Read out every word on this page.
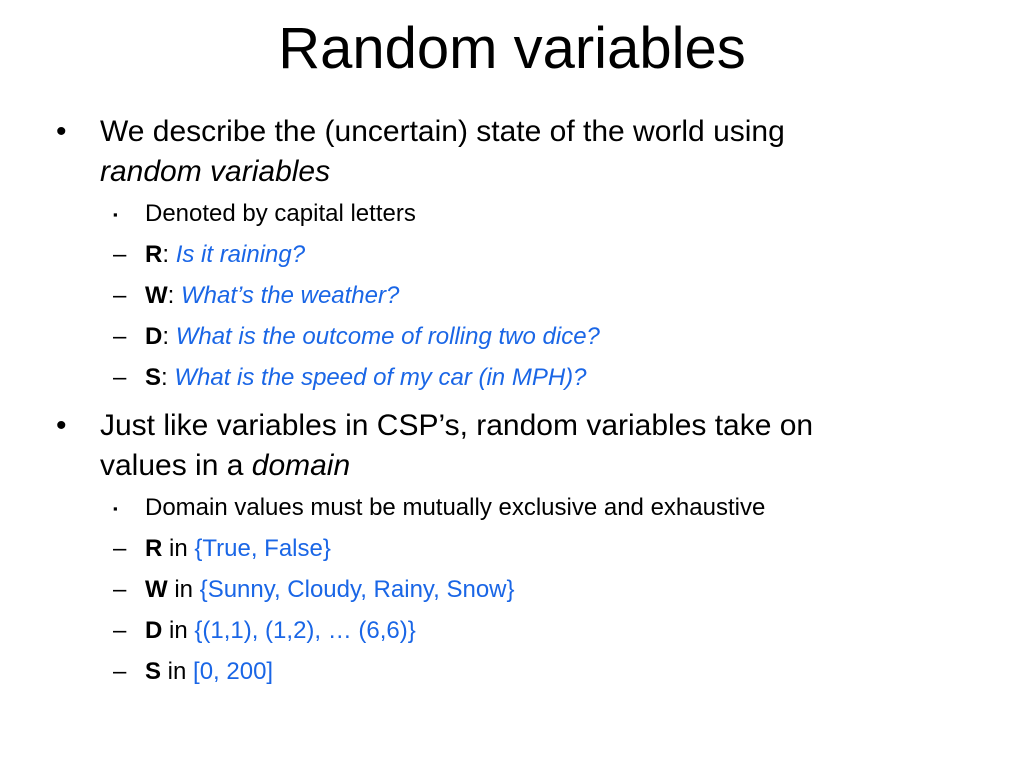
Random variables
• We describe the (uncertain) state of the world using
random variables
▪ Denoted by capital letters
– R: Is it raining?
– W: What’s the weather?
– D: What is the outcome of rolling two dice?
– S: What is the speed of my car (in MPH)?
• Just like variables in CSP’s, random variables take on
values in a domain
▪ Domain values must be mutually exclusive and exhaustive
– R in {True, False}
– W in {Sunny, Cloudy, Rainy, Snow}
– D in {(1,1), (1,2), … (6,6)}
– S in [0, 200]
